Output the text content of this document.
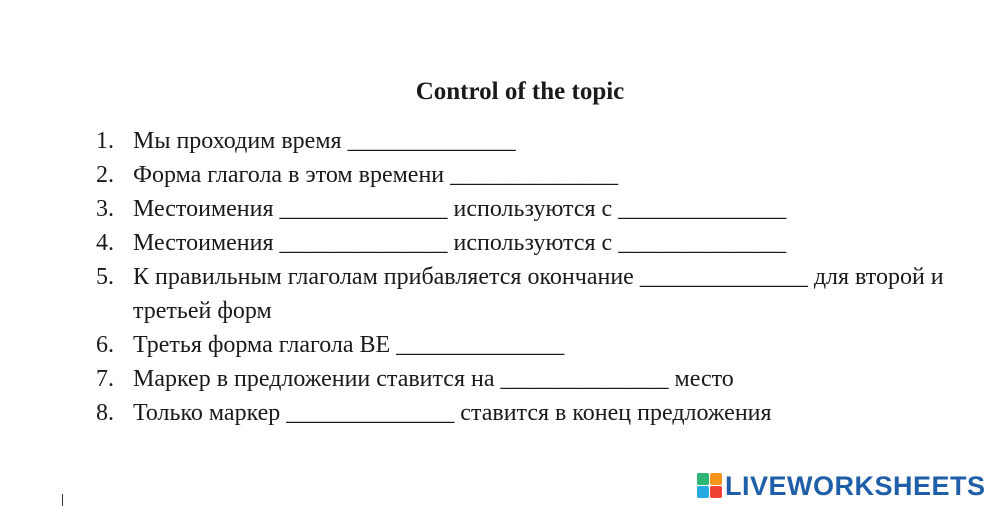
Control of the topic
1. Мы проходим время ______________
2. Форма глагола в этом времени ______________
3. Местоимения ______________ используются с ______________
4. Местоимения ______________ используются с ______________
5. К правильным глаголам прибавляется окончание ______________ для второй и третьей форм
6. Третья форма глагола BE ______________
7. Маркер в предложении ставится на ______________ место
8. Только маркер ______________ ставится в конец предложения
LIVEWORKSHEETS
